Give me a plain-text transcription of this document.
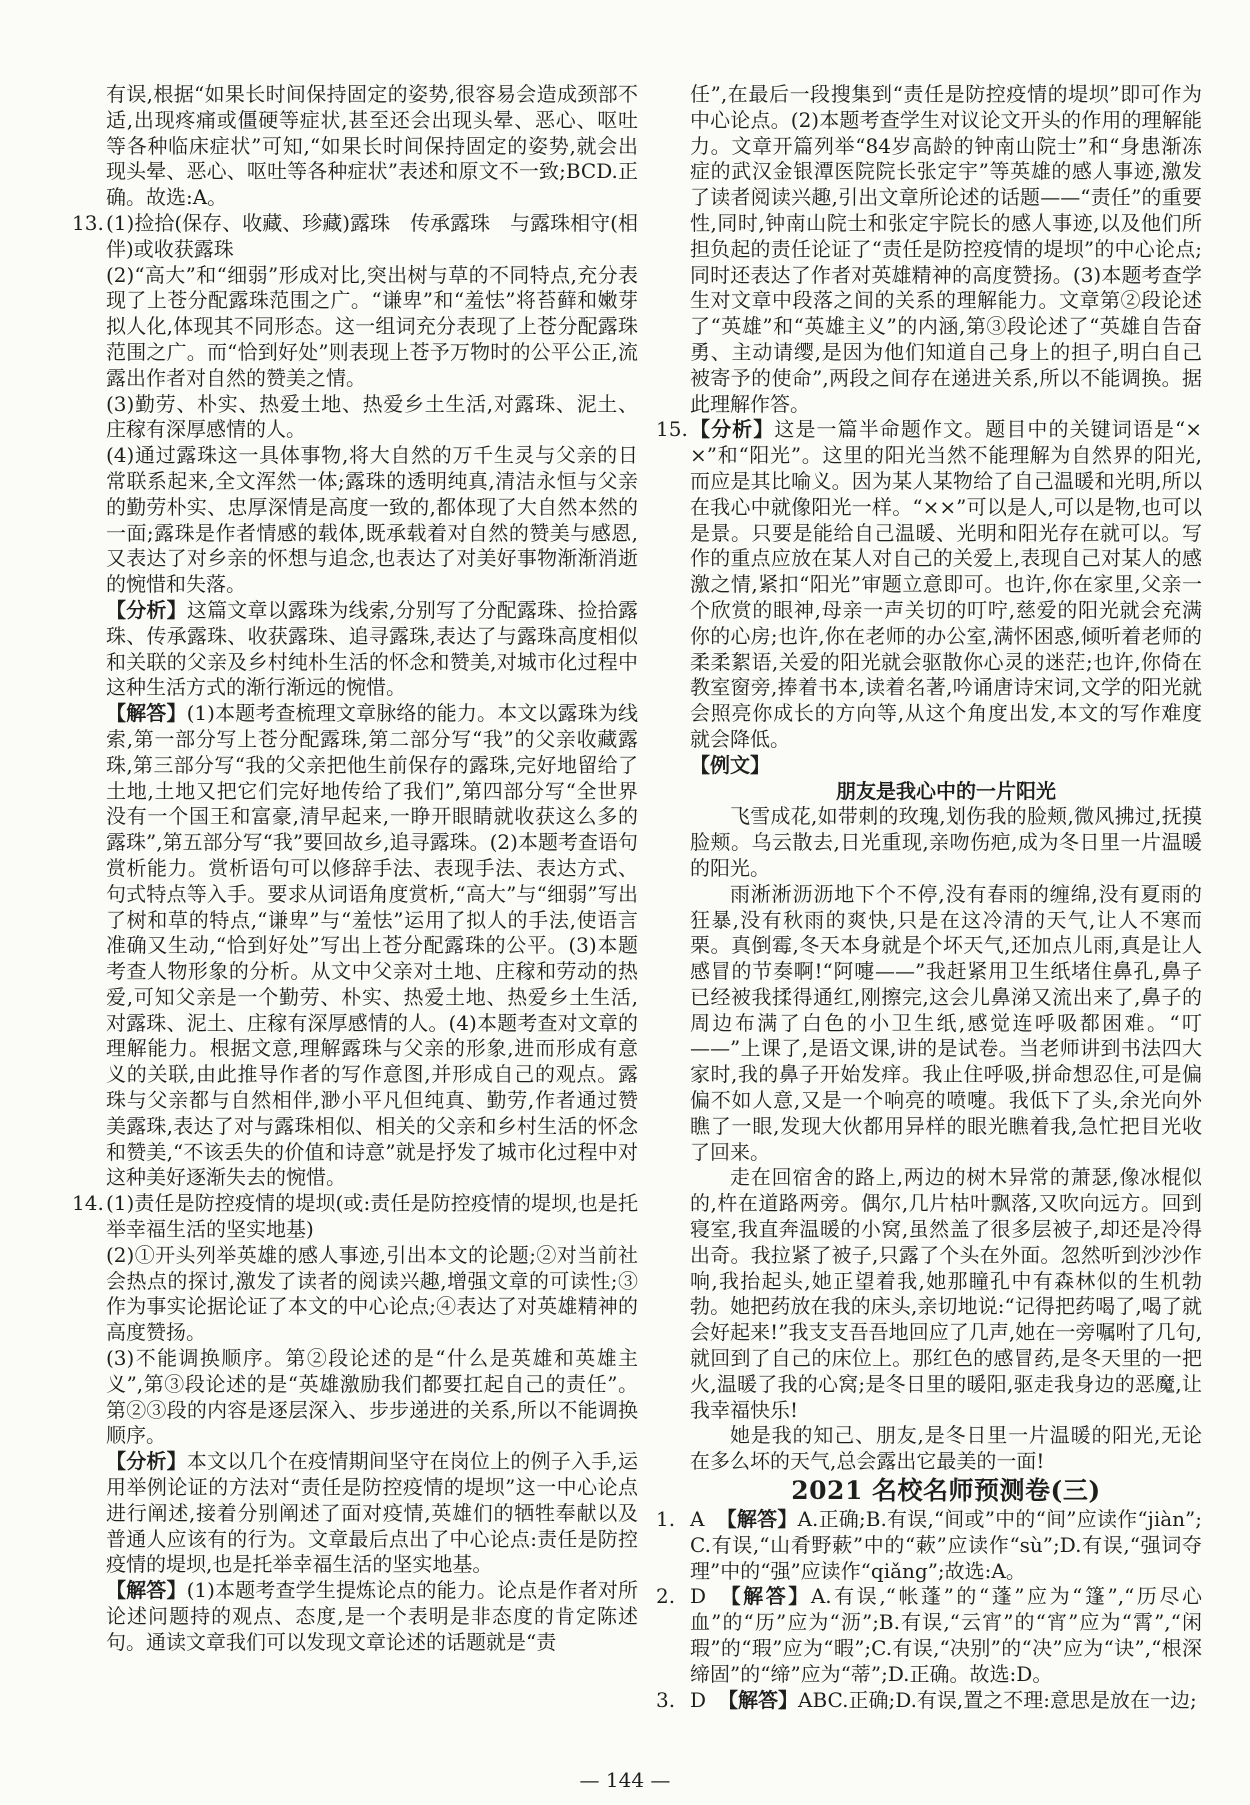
有误,根据“如果长时间保持固定的姿势,很容易会造成颈部不适,出现疼痛或僵硬等症状,甚至还会出现头晕、恶心、呕吐等各种临床症状”可知,“如果长时间保持固定的姿势,就会出现头晕、恶心、呕吐等各种症状”表述和原文不一致;BCD.正确。故选:A。

13. (1)捡拾(保存、收藏、珍藏)露珠　传承露珠　与露珠相守(相伴)或收获露珠

(2)“高大”和“细弱”形成对比,突出树与草的不同特点,充分表现了上苍分配露珠范围之广。“谦卑”和“羞怯”将苔藓和嫩芽拟人化,体现其不同形态。这一组词充分表现了上苍分配露珠范围之广。而“恰到好处”则表现上苍予万物时的公平公正,流露出作者对自然的赞美之情。

(3)勤劳、朴实、热爱土地、热爱乡土生活,对露珠、泥土、庄稼有深厚感情的人。

(4)通过露珠这一具体事物,将大自然的万千生灵与父亲的日常联系起来,全文浑然一体;露珠的透明纯真,清洁永恒与父亲的勤劳朴实、忠厚深情是高度一致的,都体现了大自然本然的一面;露珠是作者情感的载体,既承载着对自然的赞美与感恩,又表达了对乡亲的怀想与追念,也表达了对美好事物渐渐消逝的惋惜和失落。

【分析】这篇文章以露珠为线索,分别写了分配露珠、捡拾露珠、传承露珠、收获露珠、追寻露珠,表达了与露珠高度相似和关联的父亲及乡村纯朴生活的怀念和赞美,对城市化过程中这种生活方式的渐行渐远的惋惜。

【解答】(1)本题考查梳理文章脉络的能力。本文以露珠为线索,第一部分写上苍分配露珠,第二部分写“我”的父亲收藏露珠,第三部分写“我的父亲把他生前保存的露珠,完好地留给了土地,土地又把它们完好地传给了我们”,第四部分写“全世界没有一个国王和富豪,清早起来,一睁开眼睛就收获这么多的露珠”,第五部分写“我”要回故乡,追寻露珠。(2)本题考查语句赏析能力。赏析语句可以修辞手法、表现手法、表达方式、句式特点等入手。要求从词语角度赏析,“高大”与“细弱”写出了树和草的特点,“谦卑”与“羞怯”运用了拟人的手法,使语言准确又生动,“恰到好处”写出上苍分配露珠的公平。(3)本题考查人物形象的分析。从文中父亲对土地、庄稼和劳动的热爱,可知父亲是一个勤劳、朴实、热爱土地、热爱乡土生活,对露珠、泥土、庄稼有深厚感情的人。(4)本题考查对文章的理解能力。根据文意,理解露珠与父亲的形象,进而形成有意义的关联,由此推导作者的写作意图,并形成自己的观点。露珠与父亲都与自然相伴,渺小平凡但纯真、勤劳,作者通过赞美露珠,表达了对与露珠相似、相关的父亲和乡村生活的怀念和赞美,“不该丢失的价值和诗意”就是抒发了城市化过程中对这种美好逐渐失去的惋惜。

14. (1)责任是防控疫情的堤坝(或:责任是防控疫情的堤坝,也是托举幸福生活的坚实地基)

(2)①开头列举英雄的感人事迹,引出本文的论题;②对当前社会热点的探讨,激发了读者的阅读兴趣,增强文章的可读性;③作为事实论据论证了本文的中心论点;④表达了对英雄精神的高度赞扬。

(3)不能调换顺序。第②段论述的是“什么是英雄和英雄主义”,第③段论述的是“英雄激励我们都要扛起自己的责任”。第②③段的内容是逐层深入、步步递进的关系,所以不能调换顺序。

【分析】本文以几个在疫情期间坚守在岗位上的例子入手,运用举例论证的方法对“责任是防控疫情的堤坝”这一中心论点进行阐述,接着分别阐述了面对疫情,英雄们的牺牲奉献以及普通人应该有的行为。文章最后点出了中心论点:责任是防控疫情的堤坝,也是托举幸福生活的坚实地基。

【解答】(1)本题考查学生提炼论点的能力。论点是作者对所论述问题持的观点、态度,是一个表明是非态度的肯定陈述句。通读文章我们可以发现文章论述的话题就是“责

任”,在最后一段搜集到“责任是防控疫情的堤坝”即可作为中心论点。(2)本题考查学生对议论文开头的作用的理解能力。文章开篇列举“84岁高龄的钟南山院士”和“身患渐冻症的武汉金银潭医院院长张定宇”等英雄的感人事迹,激发了读者阅读兴趣,引出文章所论述的话题——“责任”的重要性,同时,钟南山院士和张定宇院长的感人事迹,以及他们所担负起的责任论证了“责任是防控疫情的堤坝”的中心论点;同时还表达了作者对英雄精神的高度赞扬。(3)本题考查学生对文章中段落之间的关系的理解能力。文章第②段论述了“英雄”和“英雄主义”的内涵,第③段论述了“英雄自告奋勇、主动请缨,是因为他们知道自己身上的担子,明白自己被寄予的使命”,两段之间存在递进关系,所以不能调换。据此理解作答。

15. 【分析】这是一篇半命题作文。题目中的关键词语是“××”和“阳光”。这里的阳光当然不能理解为自然界的阳光,而应是其比喻义。因为某人某物给了自己温暖和光明,所以在我心中就像阳光一样。“××”可以是人,可以是物,也可以是景。只要是能给自己温暖、光明和阳光存在就可以。写作的重点应放在某人对自己的关爱上,表现自己对某人的感激之情,紧扣“阳光”审题立意即可。也许,你在家里,父亲一个欣赏的眼神,母亲一声关切的叮咛,慈爱的阳光就会充满你的心房;也许,你在老师的办公室,满怀困惑,倾听着老师的柔柔絮语,关爱的阳光就会驱散你心灵的迷茫;也许,你倚在教室窗旁,捧着书本,读着名著,吟诵唐诗宋词,文学的阳光就会照亮你成长的方向等,从这个角度出发,本文的写作难度就会降低。

【例文】

朋友是我心中的一片阳光

飞雪成花,如带刺的玫瑰,划伤我的脸颊,微风拂过,抚摸脸颊。乌云散去,日光重现,亲吻伤疤,成为冬日里一片温暖的阳光。

雨淅淅沥沥地下个不停,没有春雨的缠绵,没有夏雨的狂暴,没有秋雨的爽快,只是在这冷清的天气,让人不寒而栗。真倒霉,冬天本身就是个坏天气,还加点儿雨,真是让人感冒的节奏啊!“阿嚏——”我赶紧用卫生纸堵住鼻孔,鼻子已经被我揉得通红,刚擦完,这会儿鼻涕又流出来了,鼻子的周边布满了白色的小卫生纸,感觉连呼吸都困难。“叮——”上课了,是语文课,讲的是试卷。当老师讲到书法四大家时,我的鼻子开始发痒。我止住呼吸,拼命想忍住,可是偏偏不如人意,又是一个响亮的喷嚏。我低下了头,余光向外瞧了一眼,发现大伙都用异样的眼光瞧着我,急忙把目光收了回来。

走在回宿舍的路上,两边的树木异常的萧瑟,像冰棍似的,杵在道路两旁。偶尔,几片枯叶飘落,又吹向远方。回到寝室,我直奔温暖的小窝,虽然盖了很多层被子,却还是冷得出奇。我拉紧了被子,只露了个头在外面。忽然听到沙沙作响,我抬起头,她正望着我,她那瞳孔中有森林似的生机勃勃。她把药放在我的床头,亲切地说:“记得把药喝了,喝了就会好起来!”我支支吾吾地回应了几声,她在一旁嘱咐了几句,就回到了自己的床位上。那红色的感冒药,是冬天里的一把火,温暖了我的心窝;是冬日里的暖阳,驱走我身边的恶魔,让我幸福快乐!

她是我的知己、朋友,是冬日里一片温暖的阳光,无论在多么坏的天气,总会露出它最美的一面!

2021 名校名师预测卷(三)

1. A 【解答】A.正确;B.有误,“间或”中的“间”应读作“jiàn”;C.有误,“山肴野蔌”中的“蔌”应读作“sù”;D.有误,“强词夺理”中的“强”应读作“qiǎng”;故选:A。

2. D 【解答】A.有误,“帐蓬”的“蓬”应为“篷”,“历尽心血”的“历”应为“沥”;B.有误,“云宵”的“宵”应为“霄”,“闲瑕”的“瑕”应为“暇”;C.有误,“决别”的“决”应为“诀”,“根深缔固”的“缔”应为“蒂”;D.正确。故选:D。

3. D 【解答】ABC.正确;D.有误,置之不理:意思是放在一边;

— 144 —
